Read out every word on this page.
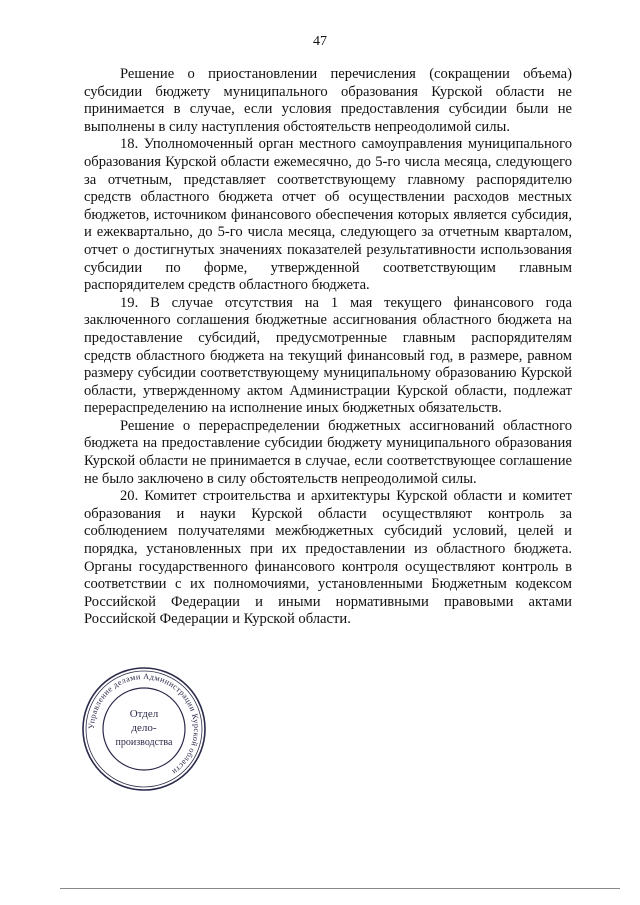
47

Решение о приостановлении перечисления (сокращении объема) субсидии бюджету муниципального образования Курской области не принимается в случае, если условия предоставления субсидии были не выполнены в силу наступления обстоятельств непреодолимой силы.

18. Уполномоченный орган местного самоуправления муниципального образования Курской области ежемесячно, до 5-го числа месяца, следующего за отчетным, представляет соответствующему главному распорядителю средств областного бюджета отчет об осуществлении расходов местных бюджетов, источником финансового обеспечения которых является субсидия, и ежеквартально, до 5-го числа месяца, следующего за отчетным кварталом, отчет о достигнутых значениях показателей результативности использования субсидии по форме, утвержденной соответствующим главным распорядителем средств областного бюджета.

19. В случае отсутствия на 1 мая текущего финансового года заключенного соглашения бюджетные ассигнования областного бюджета на предоставление субсидий, предусмотренные главным распорядителям средств областного бюджета на текущий финансовый год, в размере, равном размеру субсидии соответствующему муниципальному образованию Курской области, утвержденному актом Администрации Курской области, подлежат перераспределению на исполнение иных бюджетных обязательств.

Решение о перераспределении бюджетных ассигнований областного бюджета на предоставление субсидии бюджету муниципального образования Курской области не принимается в случае, если соответствующее соглашение не было заключено в силу обстоятельств непреодолимой силы.

20. Комитет строительства и архитектуры Курской области и комитет образования и науки Курской области осуществляют контроль за соблюдением получателями межбюджетных субсидий условий, целей и порядка, установленных при их предоставлении из областного бюджета. Органы государственного финансового контроля осуществляют контроль в соответствии с их полномочиями, установленными Бюджетным кодексом Российской Федерации и иными нормативными правовыми актами Российской Федерации и Курской области.

Управление делами Администрации Курской области
Отдел
дело-
производства
